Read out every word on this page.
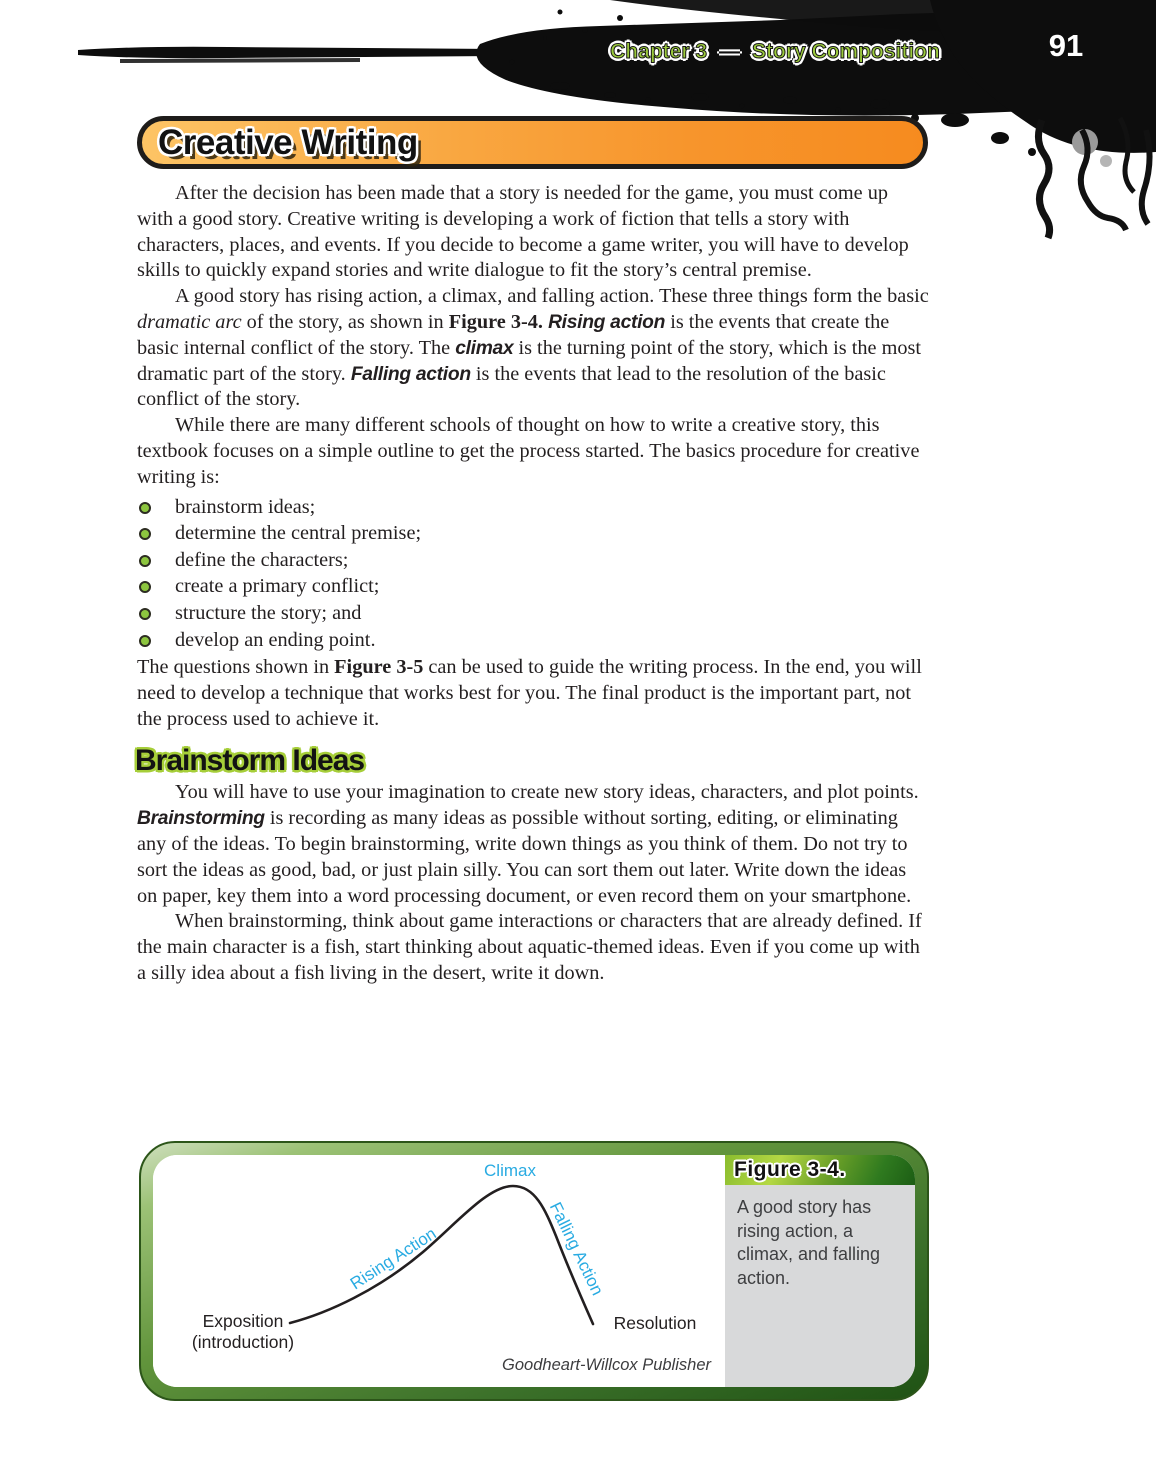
Chapter 3 — Story Composition	91
Creative Writing

After the decision has been made that a story is needed for the game, you must come up with a good story. Creative writing is developing a work of fiction that tells a story with characters, places, and events. If you decide to become a game writer, you will have to develop skills to quickly expand stories and write dialogue to fit the story’s central premise.

A good story has rising action, a climax, and falling action. These three things form the basic dramatic arc of the story, as shown in Figure 3-4. Rising action is the events that create the basic internal conflict of the story. The climax is the turning point of the story, which is the most dramatic part of the story. Falling action is the events that lead to the resolution of the basic conflict of the story.

While there are many different schools of thought on how to write a creative story, this textbook focuses on a simple outline to get the process started. The basics procedure for creative writing is:

brainstorm ideas;
determine the central premise;
define the characters;
create a primary conflict;
structure the story; and
develop an ending point.

The questions shown in Figure 3-5 can be used to guide the writing process. In the end, you will need to develop a technique that works best for you. The final product is the important part, not the process used to achieve it.

Brainstorm Ideas

You will have to use your imagination to create new story ideas, characters, and plot points. Brainstorming is recording as many ideas as possible without sorting, editing, or eliminating any of the ideas. To begin brainstorming, write down things as you think of them. Do not try to sort the ideas as good, bad, or just plain silly. You can sort them out later. Write down the ideas on paper, key them into a word processing document, or even record them on your smartphone.

When brainstorming, think about game interactions or characters that are already defined. If the main character is a fish, start thinking about aquatic-themed ideas. Even if you come up with a silly idea about a fish living in the desert, write it down.

Climax
Rising Action	Falling Action
Exposition
(introduction)
Resolution
Goodheart-Willcox Publisher
Figure 3-4.
A good story has rising action, a climax, and falling action.
